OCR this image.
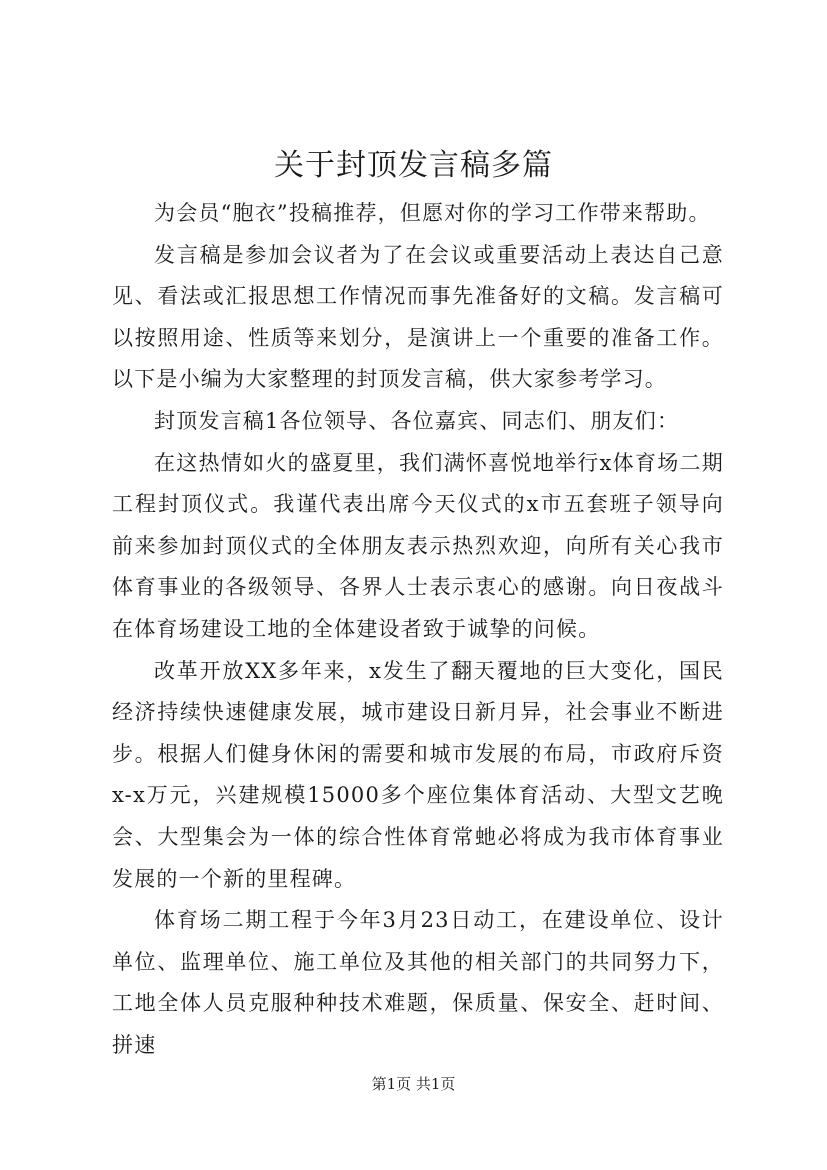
关于封顶发言稿多篇

为会员“胞衣”投稿推荐，但愿对你的学习工作带来帮助。

发言稿是参加会议者为了在会议或重要活动上表达自己意见、看法或汇报思想工作情况而事先准备好的文稿。发言稿可以按照用途、性质等来划分，是演讲上一个重要的准备工作。以下是小编为大家整理的封顶发言稿，供大家参考学习。

封顶发言稿1各位领导、各位嘉宾、同志们、朋友们：

在这热情如火的盛夏里，我们满怀喜悦地举行x体育场二期工程封顶仪式。我谨代表出席今天仪式的x市五套班子领导向前来参加封顶仪式的全体朋友表示热烈欢迎，向所有关心我市体育事业的各级领导、各界人士表示衷心的感谢。向日夜战斗在体育场建设工地的全体建设者致于诚挚的问候。

改革开放XX多年来，x发生了翻天覆地的巨大变化，国民经济持续快速健康发展，城市建设日新月异，社会事业不断进步。根据人们健身休闲的需要和城市发展的布局，市政府斥资x-x万元，兴建规模15000多个座位集体育活动、大型文艺晚会、大型集会为一体的综合性体育常虵必将成为我市体育事业发展的一个新的里程碑。

体育场二期工程于今年3月23日动工，在建设单位、设计单位、监理单位、施工单位及其他的相关部门的共同努力下，工地全体人员克服种种技术难题，保质量、保安全、赶时间、拼速

第1页 共1页
